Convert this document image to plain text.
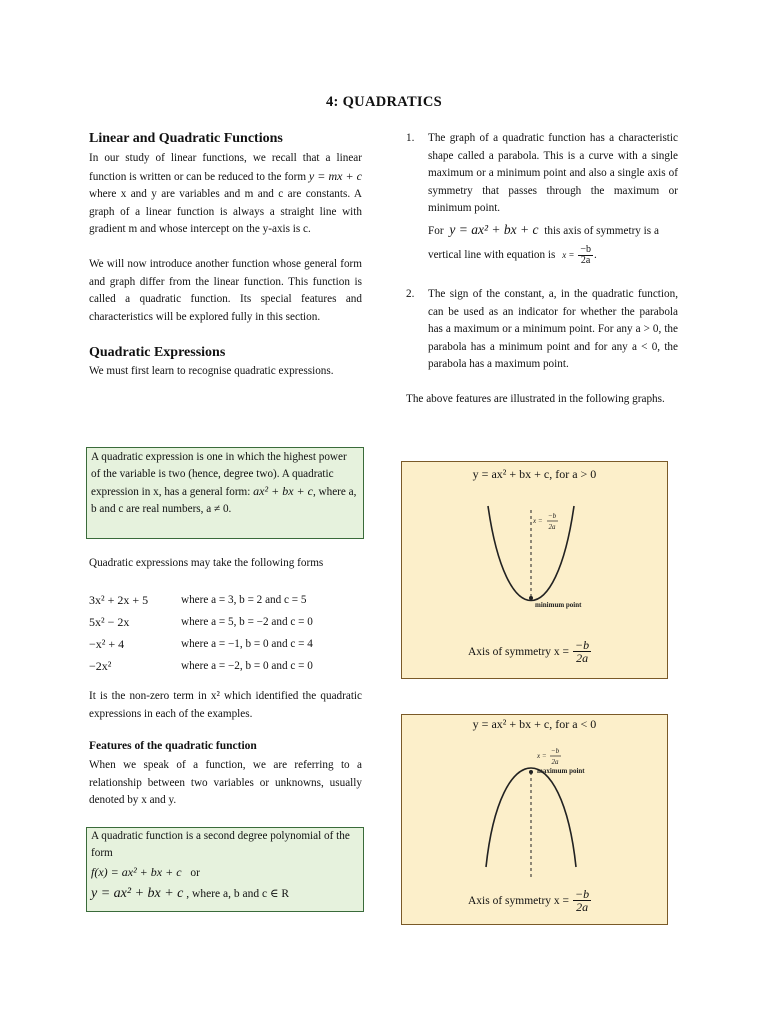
4: QUADRATICS
Linear and Quadratic Functions
In our study of linear functions, we recall that a linear function is written or can be reduced to the form y = mx + c where x and y are variables and m and c are constants. A graph of a linear function is always a straight line with gradient m and whose intercept on the y-axis is c.
We will now introduce another function whose general form and graph differ from the linear function. This function is called a quadratic function. Its special features and characteristics will be explored fully in this section.
Quadratic Expressions
We must first learn to recognise quadratic expressions.
A quadratic expression is one in which the highest power of the variable is two (hence, degree two). A quadratic expression in x, has a general form: ax² + bx + c, where a, b and c are real numbers, a ≠ 0.
Quadratic expressions may take the following forms
3x² + 2x + 5	where a = 3, b = 2 and c = 5
5x² − 2x	where a = 5, b = −2 and c = 0
−x² + 4	where a = −1, b = 0 and c = 4
−2x²	where a = −2, b = 0 and c = 0
It is the non-zero term in x² which identified the quadratic expressions in each of the examples.
Features of the quadratic function
When we speak of a function, we are referring to a relationship between two variables or unknowns, usually denoted by x and y.
A quadratic function is a second degree polynomial of the form
f(x) = ax² + bx + c or
y = ax² + bx + c , where a, b and c ∈ R
1.	The graph of a quadratic function has a characteristic shape called a parabola. This is a curve with a single maximum or a minimum point and also a single axis of symmetry that passes through the maximum or minimum point.
For y = ax² + bx + c this axis of symmetry is a
vertical line with equation is $x = \frac{-b}{2a}$ .
2.	The sign of the constant, a, in the quadratic function, can be used as an indicator for whether the parabola has a maximum or a minimum point. For any a > 0, the parabola has a minimum point and for any a < 0, the parabola has a maximum point.
The above features are illustrated in the following graphs.
y = ax² + bx + c, for a > 0
minimum point
x =
−b
2a
Axis of symmetry $x = \frac{-b}{2a}$
y = ax² + bx + c, for a < 0
maximum point
x =
−b
2a
Axis of symmetry $x = \frac{-b}{2a}$
